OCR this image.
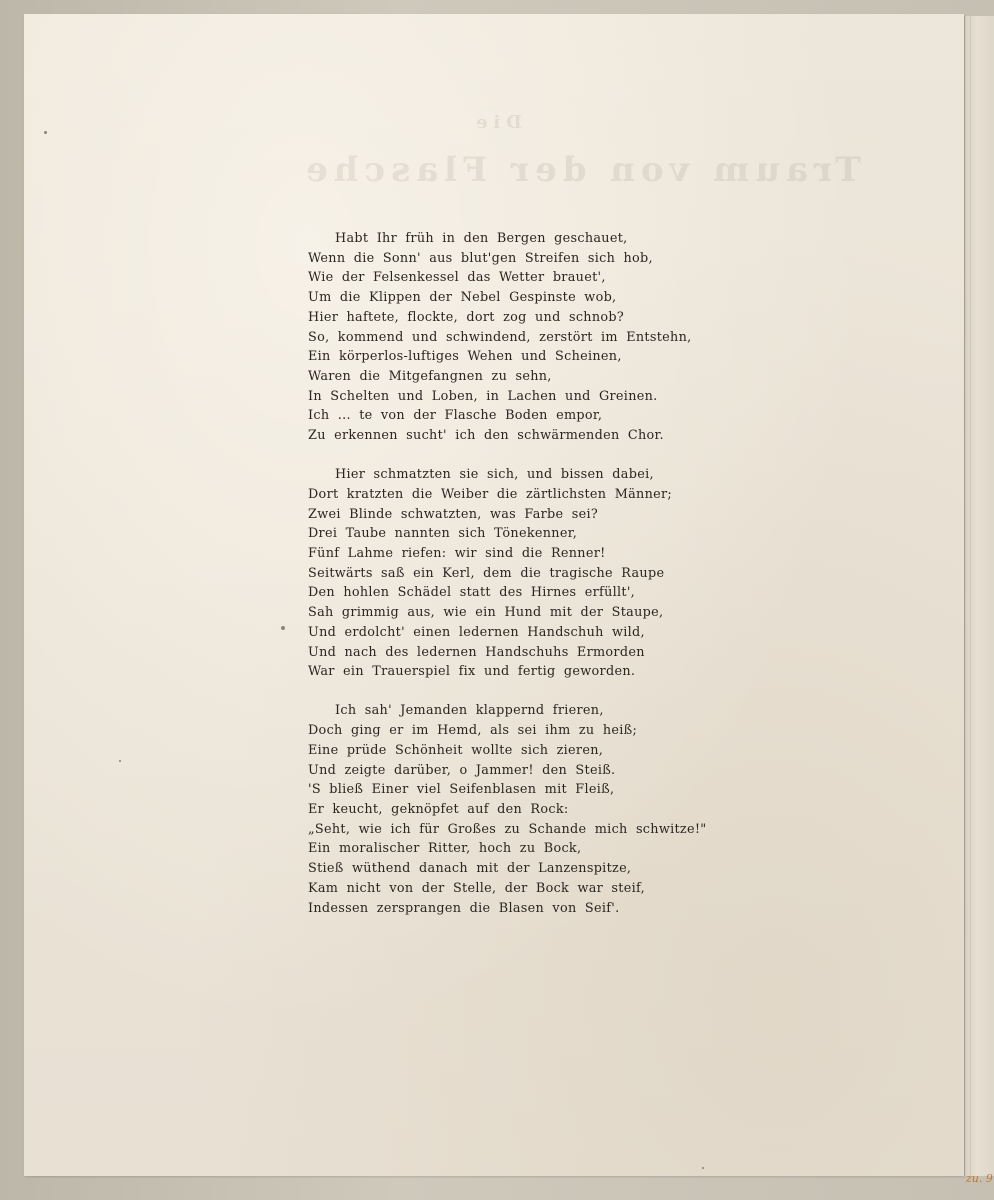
Die
Traum von der Flasche
Habt Ihr früh in den Bergen geschauet,
Wenn die Sonn' aus blut'gen Streifen sich hob,
Wie der Felsenkessel das Wetter brauet',
Um die Klippen der Nebel Gespinste wob,
Hier haftete, flockte, dort zog und schnob?
So, kommend und schwindend, zerstört im Entstehn,
Ein körperlos-luftiges Wehen und Scheinen,
Waren die Mitgefangnen zu sehn,
In Schelten und Loben, in Lachen und Greinen.
Ich ... te von der Flasche Boden empor,
Zu erkennen sucht' ich den schwärmenden Chor.
Hier schmatzten sie sich, und bissen dabei,
Dort kratzten die Weiber die zärtlichsten Männer;
Zwei Blinde schwatzten, was Farbe sei?
Drei Taube nannten sich Tönekenner,
Fünf Lahme riefen: wir sind die Renner!
Seitwärts saß ein Kerl, dem die tragische Raupe
Den hohlen Schädel statt des Hirnes erfüllt',
Sah grimmig aus, wie ein Hund mit der Staupe,
Und erdolcht' einen ledernen Handschuh wild,
Und nach des ledernen Handschuhs Ermorden
War ein Trauerspiel fix und fertig geworden.
Ich sah' Jemanden klappernd frieren,
Doch ging er im Hemd, als sei ihm zu heiß;
Eine prüde Schönheit wollte sich zieren,
Und zeigte darüber, o Jammer! den Steiß.
'S bließ Einer viel Seifenblasen mit Fleiß,
Er keucht, geknöpfet auf den Rock:
„Seht, wie ich für Großes zu Schande mich schwitze!"
Ein moralischer Ritter, hoch zu Bock,
Stieß wüthend danach mit der Lanzenspitze,
Kam nicht von der Stelle, der Bock war steif,
Indessen zersprangen die Blasen von Seif'.
zu. 9
